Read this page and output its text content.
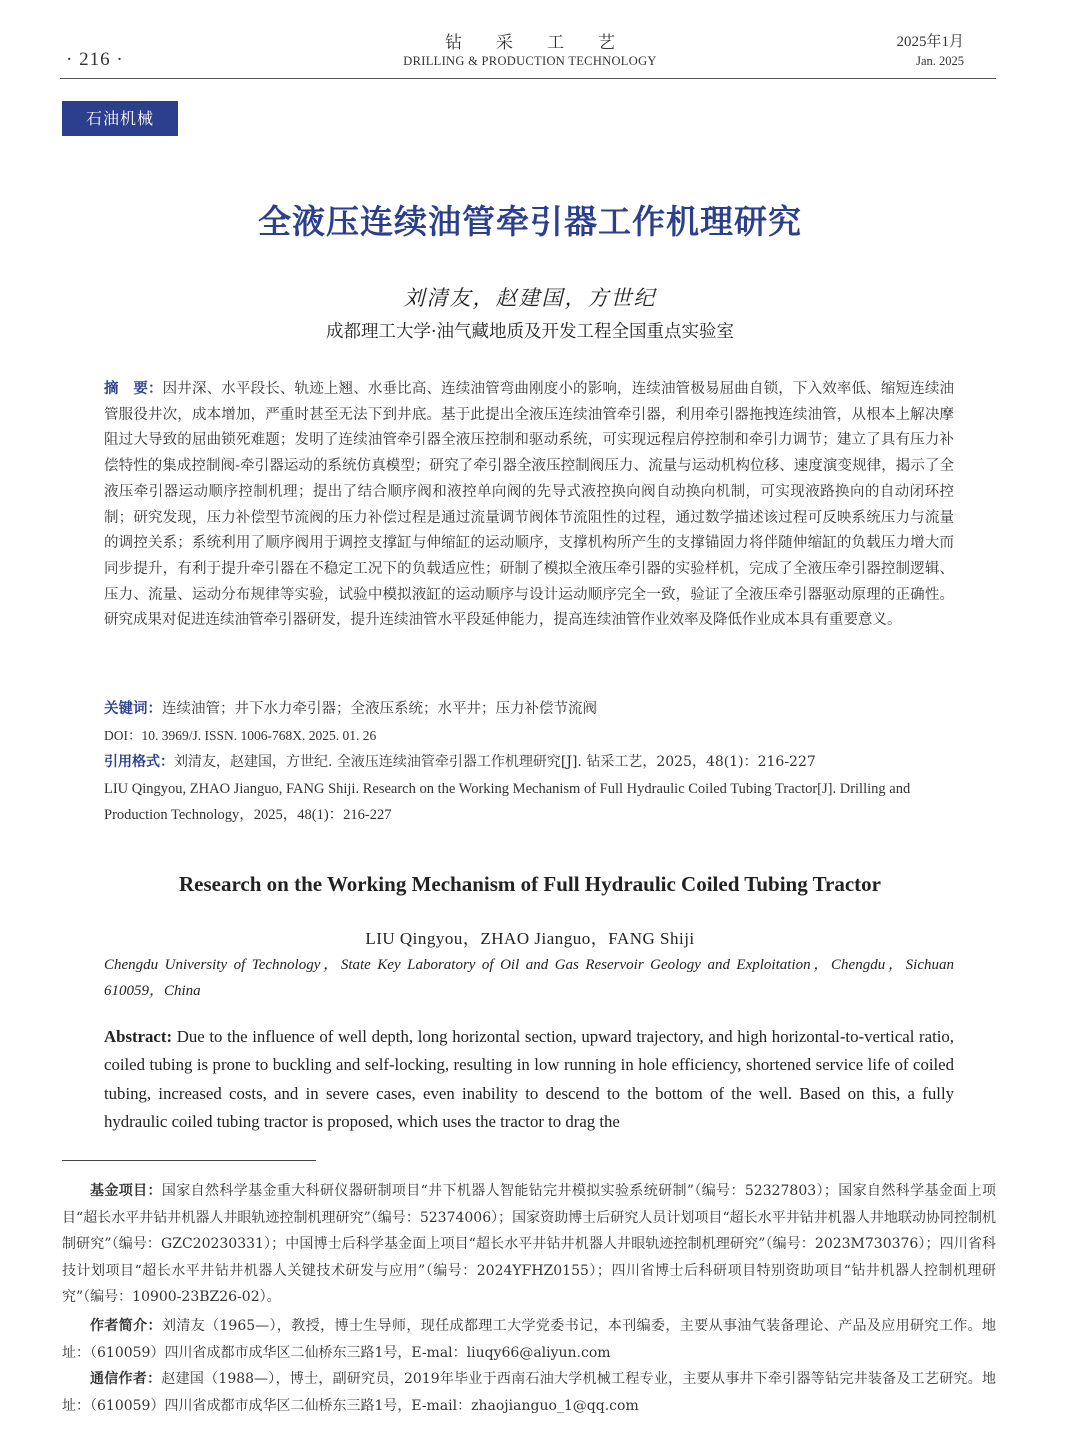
· 216 ·
钻采工艺
DRILLING & PRODUCTION TECHNOLOGY
2025年1月
Jan. 2025
石油机械
全液压连续油管牵引器工作机理研究
刘清友，赵建国，方世纪
成都理工大学·油气藏地质及开发工程全国重点实验室
摘　要：因井深、水平段长、轨迹上翘、水垂比高、连续油管弯曲刚度小的影响，连续油管极易屈曲自锁，下入效率低、缩短连续油管服役井次，成本增加，严重时甚至无法下到井底。基于此提出全液压连续油管牵引器，利用牵引器拖拽连续油管，从根本上解决摩阻过大导致的屈曲锁死难题；发明了连续油管牵引器全液压控制和驱动系统，可实现远程启停控制和牵引力调节；建立了具有压力补偿特性的集成控制阀-牵引器运动的系统仿真模型；研究了牵引器全液压控制阀压力、流量与运动机构位移、速度演变规律，揭示了全液压牵引器运动顺序控制机理；提出了结合顺序阀和液控单向阀的先导式液控换向阀自动换向机制，可实现液路换向的自动闭环控制；研究发现，压力补偿型节流阀的压力补偿过程是通过流量调节阀体节流阻性的过程，通过数学描述该过程可反映系统压力与流量的调控关系；系统利用了顺序阀用于调控支撑缸与伸缩缸的运动顺序，支撑机构所产生的支撑锚固力将伴随伸缩缸的负载压力增大而同步提升，有利于提升牵引器在不稳定工况下的负载适应性；研制了模拟全液压牵引器的实验样机，完成了全液压牵引器控制逻辑、压力、流量、运动分布规律等实验，试验中模拟液缸的运动顺序与设计运动顺序完全一致，验证了全液压牵引器驱动原理的正确性。研究成果对促进连续油管牵引器研发，提升连续油管水平段延伸能力，提高连续油管作业效率及降低作业成本具有重要意义。
关键词：连续油管；井下水力牵引器；全液压系统；水平井；压力补偿节流阀
DOI：10. 3969/J. ISSN. 1006-768X. 2025. 01. 26
引用格式：刘清友，赵建国，方世纪. 全液压连续油管牵引器工作机理研究[J]. 钻采工艺，2025，48(1)：216-227
LIU Qingyou, ZHAO Jianguo, FANG Shiji. Research on the Working Mechanism of Full Hydraulic Coiled Tubing Tractor[J]. Drilling and Production Technology，2025，48(1)：216-227
Research on the Working Mechanism of Full Hydraulic Coiled Tubing Tractor
LIU Qingyou，ZHAO Jianguo，FANG Shiji
Chengdu University of Technology，State Key Laboratory of Oil and Gas Reservoir Geology and Exploitation，Chengdu，Sichuan 610059，China
Abstract: Due to the influence of well depth, long horizontal section, upward trajectory, and high horizontal-to-vertical ratio, coiled tubing is prone to buckling and self-locking, resulting in low running in hole efficiency, shortened service life of coiled tubing, increased costs, and in severe cases, even inability to descend to the bottom of the well. Based on this, a fully hydraulic coiled tubing tractor is proposed, which uses the tractor to drag the
基金项目：国家自然科学基金重大科研仪器研制项目“井下机器人智能钻完井模拟实验系统研制”（编号：52327803）；国家自然科学基金面上项目“超长水平井钻井机器人井眼轨迹控制机理研究”（编号：52374006）；国家资助博士后研究人员计划项目“超长水平井钻井机器人井地联动协同控制机制研究”（编号：GZC20230331）；中国博士后科学基金面上项目“超长水平井钻井机器人井眼轨迹控制机理研究”（编号：2023M730376）；四川省科技计划项目“超长水平井钻井机器人关键技术研发与应用”（编号：2024YFHZ0155）；四川省博士后科研项目特别资助项目“钻井机器人控制机理研究”（编号：10900-23BZ26-02）。
作者简介：刘清友（1965—），教授，博士生导师，现任成都理工大学党委书记，本刊编委，主要从事油气装备理论、产品及应用研究工作。地址：（610059）四川省成都市成华区二仙桥东三路1号，E-mal：liuqy66@aliyun.com
通信作者：赵建国（1988—），博士，副研究员，2019年毕业于西南石油大学机械工程专业，主要从事井下牵引器等钻完井装备及工艺研究。地址：（610059）四川省成都市成华区二仙桥东三路1号，E-mail：zhaojianguo_1@qq.com
